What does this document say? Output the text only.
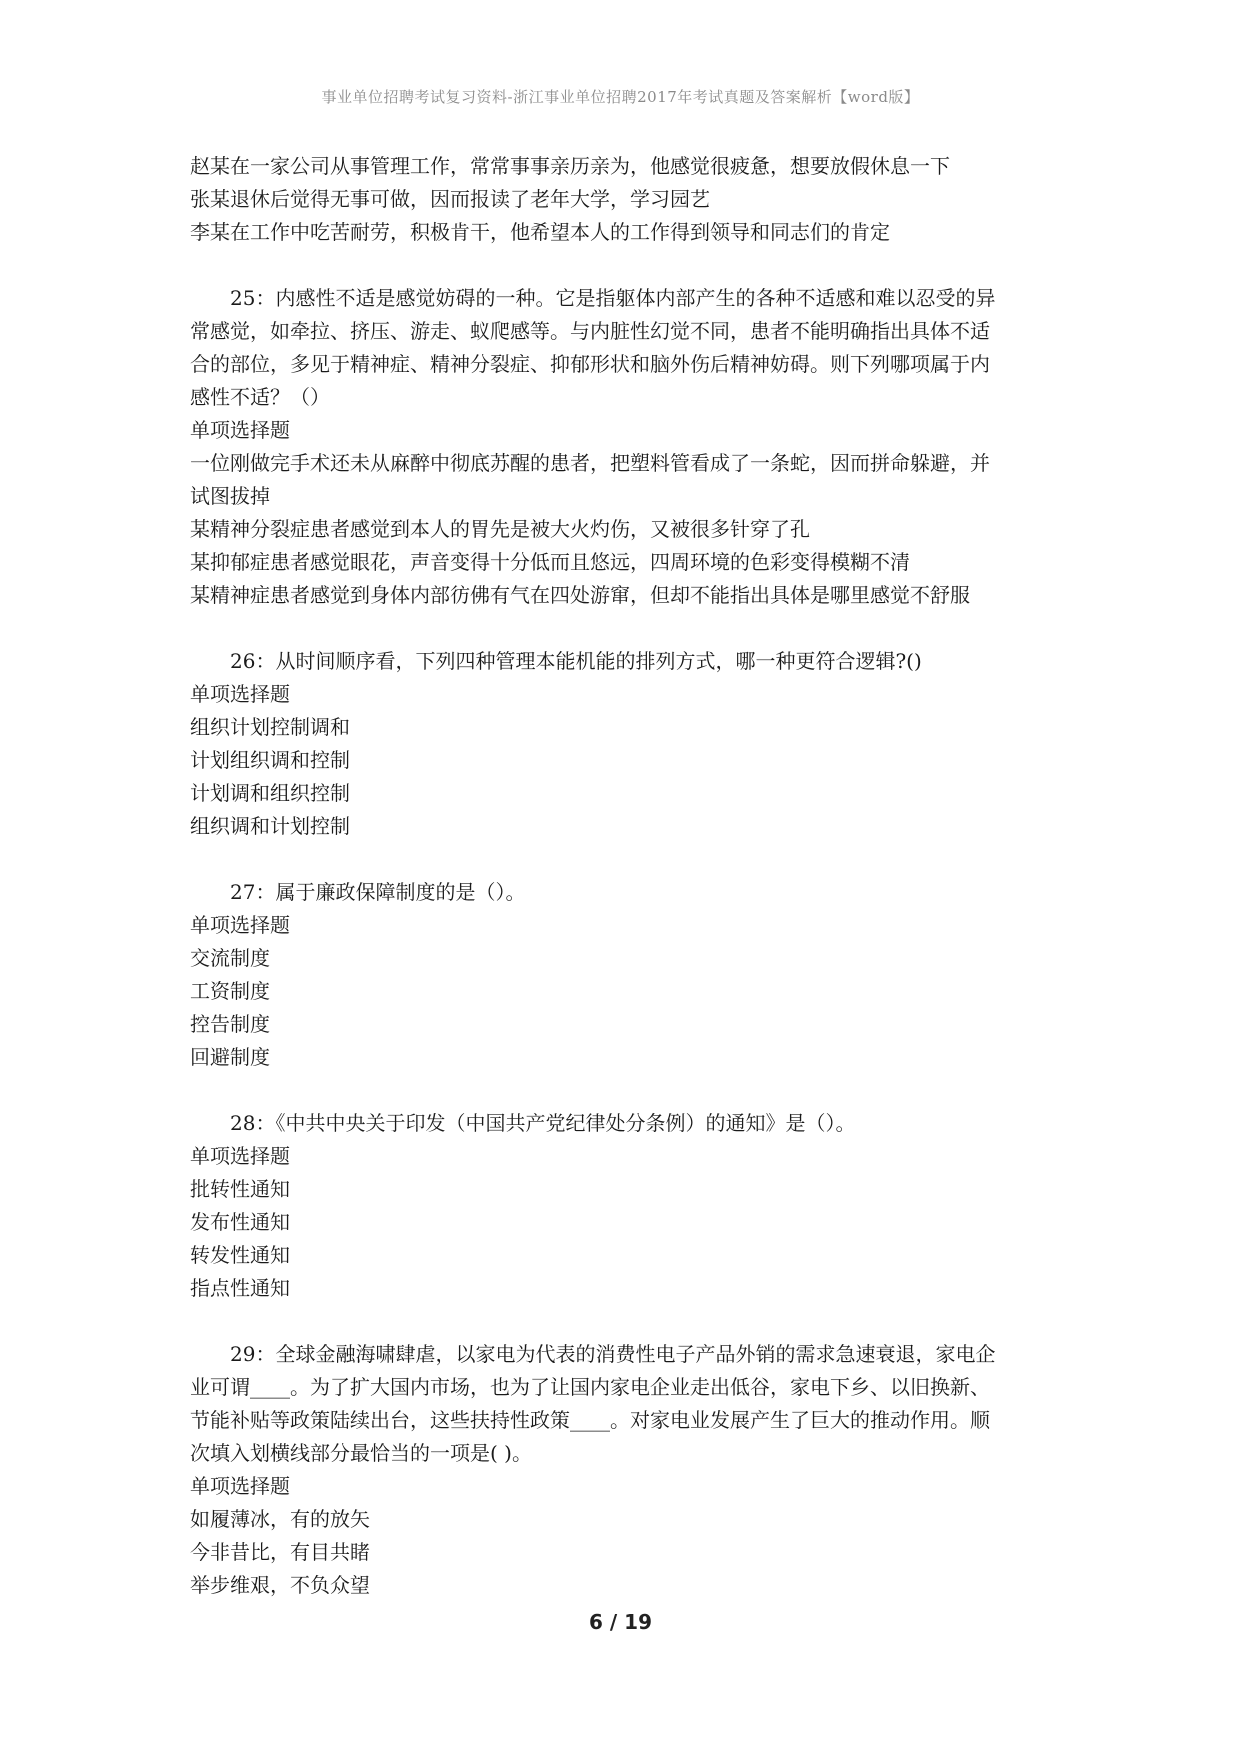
事业单位招聘考试复习资料-浙江事业单位招聘2017年考试真题及答案解析【word版】
赵某在一家公司从事管理工作，常常事事亲历亲为，他感觉很疲惫，想要放假休息一下
张某退休后觉得无事可做，因而报读了老年大学，学习园艺
李某在工作中吃苦耐劳，积极肯干，他希望本人的工作得到领导和同志们的肯定
25：内感性不适是感觉妨碍的一种。它是指躯体内部产生的各种不适感和难以忍受的异
常感觉，如牵拉、挤压、游走、蚁爬感等。与内脏性幻觉不同，患者不能明确指出具体不适
合的部位，多见于精神症、精神分裂症、抑郁形状和脑外伤后精神妨碍。则下列哪项属于内
感性不适？（）
单项选择题
一位刚做完手术还未从麻醉中彻底苏醒的患者，把塑料管看成了一条蛇，因而拼命躲避，并
试图拔掉
某精神分裂症患者感觉到本人的胃先是被大火灼伤，又被很多针穿了孔
某抑郁症患者感觉眼花，声音变得十分低而且悠远，四周环境的色彩变得模糊不清
某精神症患者感觉到身体内部彷佛有气在四处游窜，但却不能指出具体是哪里感觉不舒服
26：从时间顺序看，下列四种管理本能机能的排列方式，哪一种更符合逻辑?()
单项选择题
组织计划控制调和
计划组织调和控制
计划调和组织控制
组织调和计划控制
27：属于廉政保障制度的是（）。
单项选择题
交流制度
工资制度
控告制度
回避制度
28：《中共中央关于印发（中国共产党纪律处分条例）的通知》是（）。
单项选择题
批转性通知
发布性通知
转发性通知
指点性通知
29：全球金融海啸肆虐，以家电为代表的消费性电子产品外销的需求急速衰退，家电企
业可谓____。为了扩大国内市场，也为了让国内家电企业走出低谷，家电下乡、以旧换新、
节能补贴等政策陆续出台，这些扶持性政策____。对家电业发展产生了巨大的推动作用。顺
次填入划横线部分最恰当的一项是( )。
单项选择题
如履薄冰，有的放矢
今非昔比，有目共睹
举步维艰，不负众望
6 / 19
